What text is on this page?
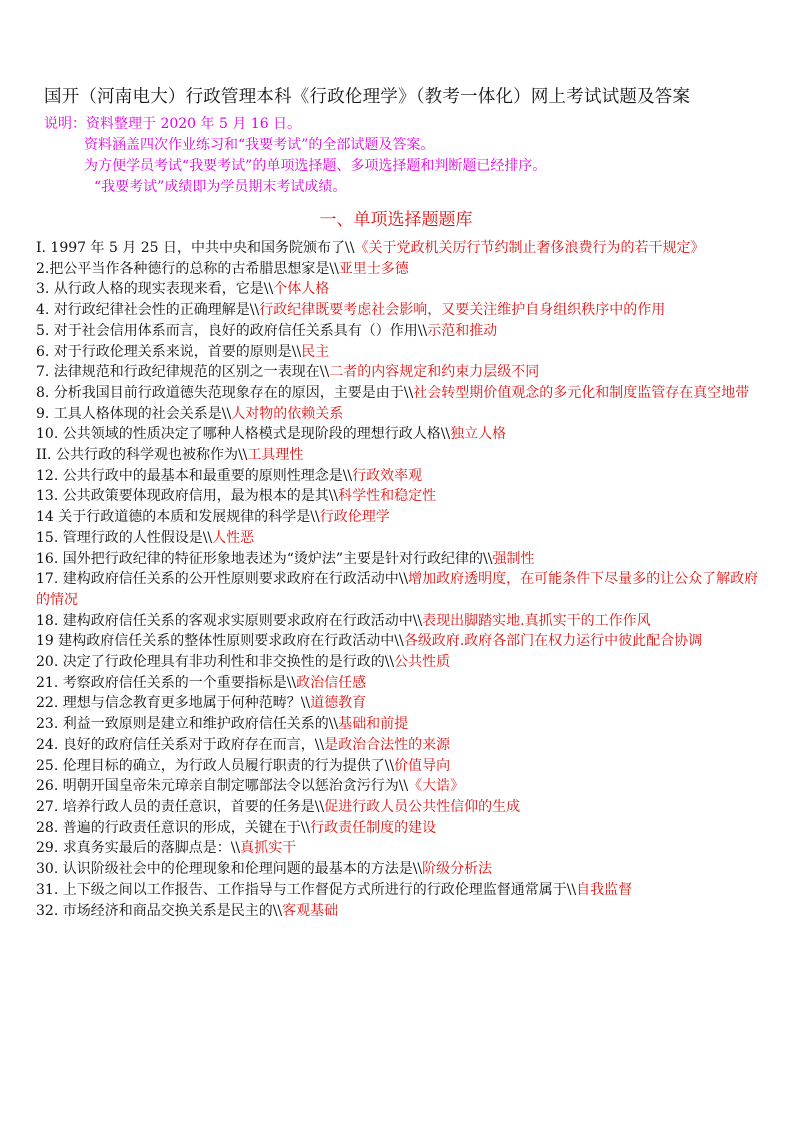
国开（河南电大）行政管理本科《行政伦理学》（教考一体化）网上考试试题及答案
说明：资料整理于 2020 年 5 月 16 日。
资料涵盖四次作业练习和“我要考试”的全部试题及答案。
为方便学员考试“我要考试”的单项选择题、多项选择题和判断题已经排序。
“我要考试”成绩即为学员期末考试成绩。
一、单项选择题题库
I. 1997 年 5 月 25 日，中共中央和国务院颁布了\\《关于党政机关厉行节约制止奢侈浪费行为的若干规定》
2.把公平当作各种德行的总称的古希腊思想家是\\亚里士多德
3. 从行政人格的现实表现来看，它是\\个体人格
4. 对行政纪律社会性的正确理解是\\行政纪律既要考虑社会影响，又要关注维护自身组织秩序中的作用
5. 对于社会信用体系而言，良好的政府信任关系具有（）作用\\示范和推动
6. 对于行政伦理关系来说，首要的原则是\\民主
7. 法律规范和行政纪律规范的区别之一表现在\\二者的内容规定和约束力层级不同
8. 分析我国目前行政道德失范现象存在的原因，主要是由于\\社会转型期价值观念的多元化和制度监管存在真空地带
9. 工具人格体现的社会关系是\\人对物的依赖关系
10. 公共领域的性质决定了哪种人格模式是现阶段的理想行政人格\\独立人格
II. 公共行政的科学观也被称作为\\工具理性
12. 公共行政中的最基本和最重要的原则性理念是\\行政效率观
13. 公共政策要体现政府信用，最为根本的是其\\科学性和稳定性
14 关于行政道德的本质和发展规律的科学是\\行政伦理学
15. 管理行政的人性假设是\\人性恶
16. 国外把行政纪律的特征形象地表述为“烫炉法”主要是针对行政纪律的\\强制性
17. 建构政府信任关系的公开性原则要求政府在行政活动中\\增加政府透明度，在可能条件下尽量多的让公众了解政府的情况
18. 建构政府信任关系的客观求实原则要求政府在行政活动中\\表现出脚踏实地.真抓实干的工作作风
19 建构政府信任关系的整体性原则要求政府在行政活动中\\各级政府.政府各部门在权力运行中彼此配合协调
20. 决定了行政伦理具有非功利性和非交换性的是行政的\\公共性质
21. 考察政府信任关系的一个重要指标是\\政治信任感
22. 理想与信念教育更多地属于何种范畴？\\道德教育
23. 利益一致原则是建立和维护政府信任关系的\\基础和前提
24. 良好的政府信任关系对于政府存在而言，\\是政治合法性的来源
25. 伦理目标的确立，为行政人员履行职责的行为提供了\\价值导向
26. 明朝开国皇帝朱元璋亲自制定哪部法令以惩治贪污行为\\《大诰》
27. 培养行政人员的责任意识，首要的任务是\\促进行政人员公共性信仰的生成
28. 普遍的行政责任意识的形成，关键在于\\行政责任制度的建设
29. 求真务实最后的落脚点是：\\真抓实干
30. 认识阶级社会中的伦理现象和伦理问题的最基本的方法是\\阶级分析法
31. 上下级之间以工作报告、工作指导与工作督促方式所进行的行政伦理监督通常属于\\自我监督
32. 市场经济和商品交换关系是民主的\\客观基础
